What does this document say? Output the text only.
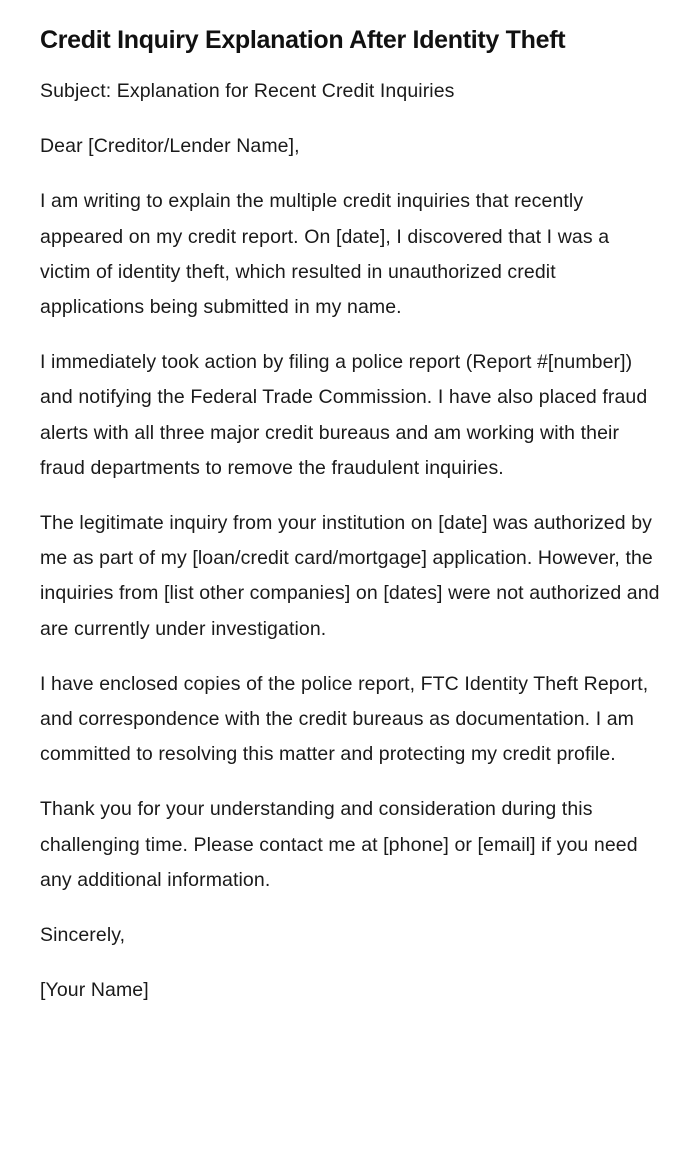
Credit Inquiry Explanation After Identity Theft

Subject: Explanation for Recent Credit Inquiries

Dear [Creditor/Lender Name],

I am writing to explain the multiple credit inquiries that recently appeared on my credit report. On [date], I discovered that I was a victim of identity theft, which resulted in unauthorized credit applications being submitted in my name.

I immediately took action by filing a police report (Report #[number]) and notifying the Federal Trade Commission. I have also placed fraud alerts with all three major credit bureaus and am working with their fraud departments to remove the fraudulent inquiries.

The legitimate inquiry from your institution on [date] was authorized by me as part of my [loan/credit card/mortgage] application. However, the inquiries from [list other companies] on [dates] were not authorized and are currently under investigation.

I have enclosed copies of the police report, FTC Identity Theft Report, and correspondence with the credit bureaus as documentation. I am committed to resolving this matter and protecting my credit profile.

Thank you for your understanding and consideration during this challenging time. Please contact me at [phone] or [email] if you need any additional information.

Sincerely,

[Your Name]
